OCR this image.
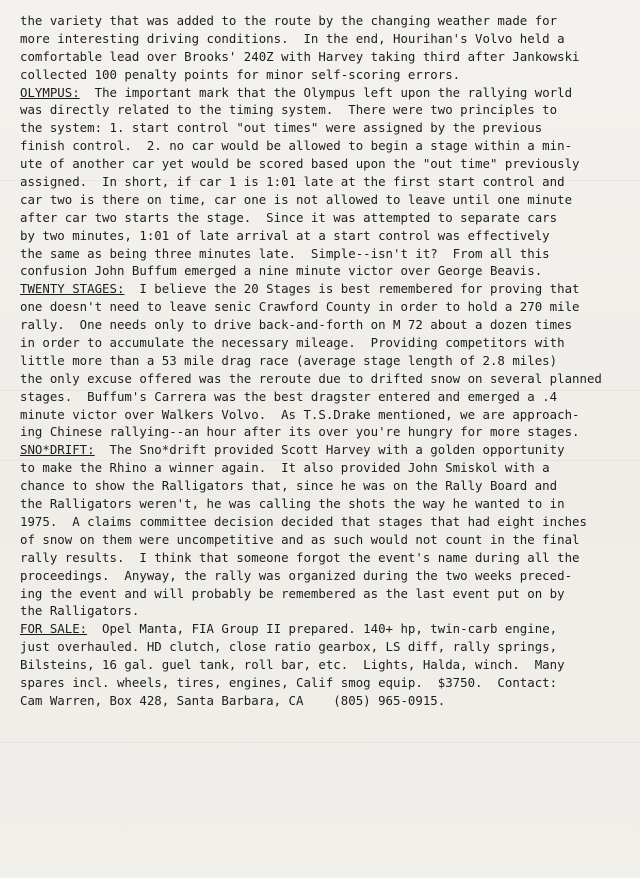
the variety that was added to the route by the changing weather made for
more interesting driving conditions.  In the end, Hourihan's Volvo held a
comfortable lead over Brooks' 240Z with Harvey taking third after Jankowski
collected 100 penalty points for minor self-scoring errors.
OLYMPUS:  The important mark that the Olympus left upon the rallying world
was directly related to the timing system.  There were two principles to
the system: 1. start control "out times" were assigned by the previous
finish control.  2. no car would be allowed to begin a stage within a min-
ute of another car yet would be scored based upon the "out time" previously
assigned.  In short, if car 1 is 1:01 late at the first start control and
car two is there on time, car one is not allowed to leave until one minute
after car two starts the stage.  Since it was attempted to separate cars
by two minutes, 1:01 of late arrival at a start control was effectively
the same as being three minutes late.  Simple--isn't it?  From all this
confusion John Buffum emerged a nine minute victor over George Beavis.
TWENTY STAGES:  I believe the 20 Stages is best remembered for proving that
one doesn't need to leave senic Crawford County in order to hold a 270 mile
rally.  One needs only to drive back-and-forth on M 72 about a dozen times
in order to accumulate the necessary mileage.  Providing competitors with
little more than a 53 mile drag race (average stage length of 2.8 miles)
the only excuse offered was the reroute due to drifted snow on several planned
stages.  Buffum's Carrera was the best dragster entered and emerged a .4
minute victor over Walkers Volvo.  As T.S.Drake mentioned, we are approach-
ing Chinese rallying--an hour after its over you're hungry for more stages.
SNO*DRIFT:  The Sno*drift provided Scott Harvey with a golden opportunity
to make the Rhino a winner again.  It also provided John Smiskol with a
chance to show the Ralligators that, since he was on the Rally Board and
the Ralligators weren't, he was calling the shots the way he wanted to in
1975.  A claims committee decision decided that stages that had eight inches
of snow on them were uncompetitive and as such would not count in the final
rally results.  I think that someone forgot the event's name during all the
proceedings.  Anyway, the rally was organized during the two weeks preced-
ing the event and will probably be remembered as the last event put on by
the Ralligators.
FOR SALE:  Opel Manta, FIA Group II prepared. 140+ hp, twin-carb engine,
just overhauled. HD clutch, close ratio gearbox, LS diff, rally springs,
Bilsteins, 16 gal. guel tank, roll bar, etc.  Lights, Halda, winch.  Many
spares incl. wheels, tires, engines, Calif smog equip.  $3750.  Contact:
Cam Warren, Box 428, Santa Barbara, CA    (805) 965-0915.
